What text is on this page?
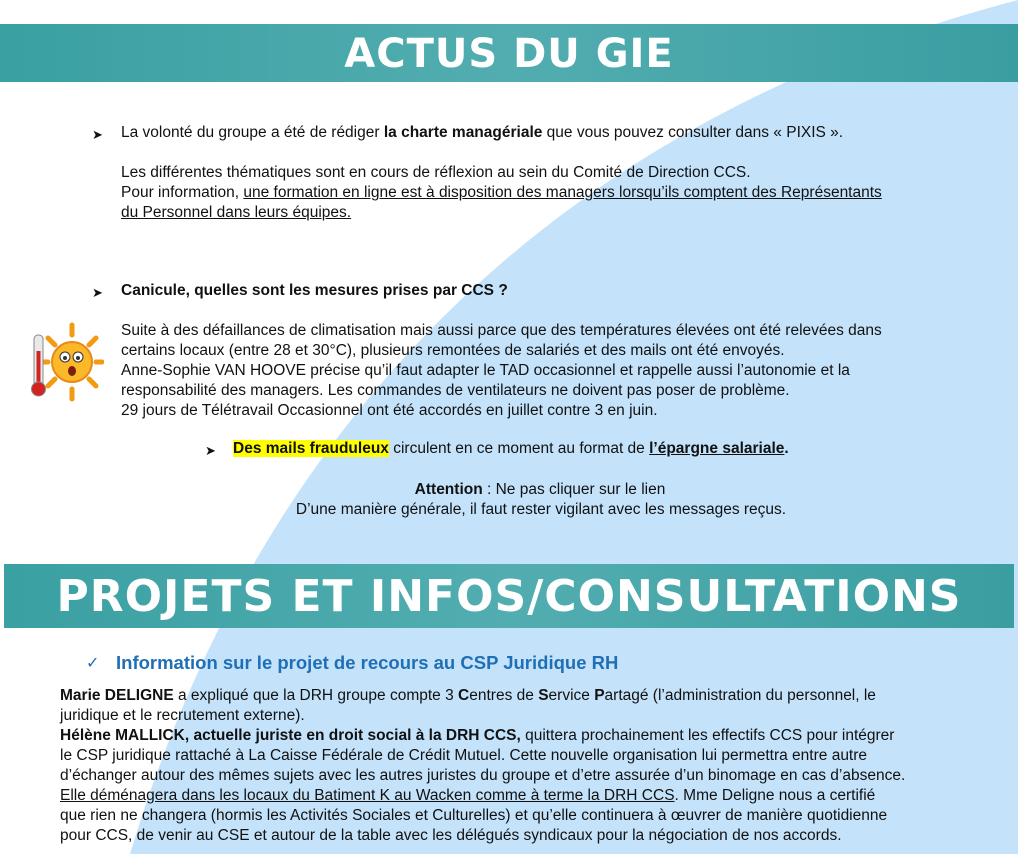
ACTUS DU GIE
➤ La volonté du groupe a été de rédiger la charte managériale que vous pouvez consulter dans « PIXIS ».
Les différentes thématiques sont en cours de réflexion au sein du Comité de Direction CCS.
Pour information, une formation en ligne est à disposition des managers lorsqu’ils comptent des Représentants
du Personnel dans leurs équipes.
➤ Canicule, quelles sont les mesures prises par CCS ?
Suite à des défaillances de climatisation mais aussi parce que des températures élevées ont été relevées dans
certains locaux (entre 28 et 30°C), plusieurs remontées de salariés et des mails ont été envoyés.
Anne-Sophie VAN HOOVE précise qu’il faut adapter le TAD occasionnel et rappelle aussi l’autonomie et la
responsabilité des managers. Les commandes de ventilateurs ne doivent pas poser de problème.
29 jours de Télétravail Occasionnel ont été accordés en juillet contre 3 en juin.
➤ Des mails frauduleux circulent en ce moment au format de l’épargne salariale.
Attention : Ne pas cliquer sur le lien
D’une manière générale, il faut rester vigilant avec les messages reçus.
PROJETS ET INFOS/CONSULTATIONS
✓ Information sur le projet de recours au CSP Juridique RH
Marie DELIGNE a expliqué que la DRH groupe compte 3 Centres de Service Partagé (l’administration du personnel, le
juridique et le recrutement externe).
Hélène MALLICK, actuelle juriste en droit social à la DRH CCS, quittera prochainement les effectifs CCS pour intégrer
le CSP juridique rattaché à La Caisse Fédérale de Crédit Mutuel. Cette nouvelle organisation lui permettra entre autre
d’échanger autour des mêmes sujets avec les autres juristes du groupe et d’etre assurée d’un binomage en cas d’absence.
Elle déménagera dans les locaux du Batiment K au Wacken comme à terme la DRH CCS. Mme Deligne nous a certifié
que rien ne changera (hormis les Activités Sociales et Culturelles) et qu’elle continuera à œuvrer de manière quotidienne
pour CCS, de venir au CSE et autour de la table avec les délégués syndicaux pour la négociation de nos accords.
